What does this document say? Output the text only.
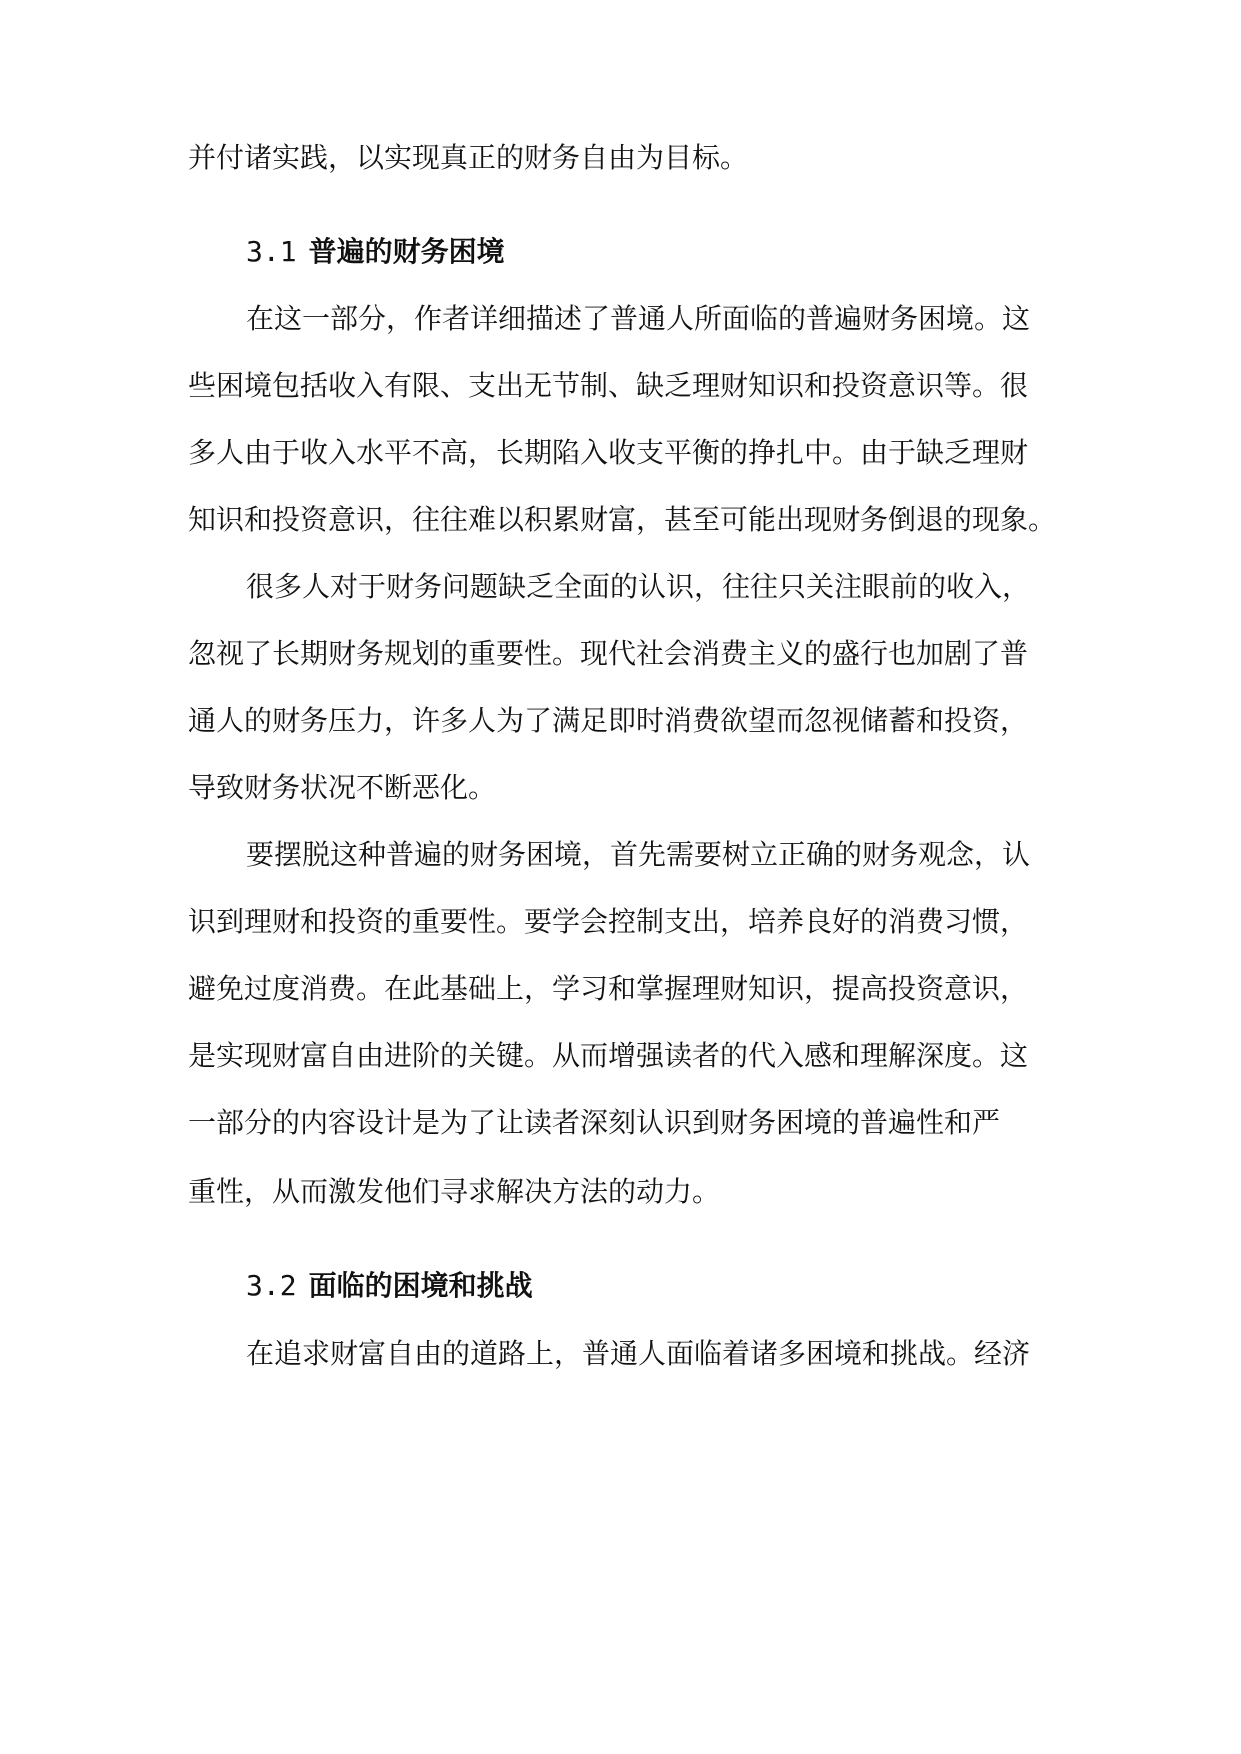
并付诸实践，以实现真正的财务自由为目标。
3.1 普遍的财务困境
在这一部分，作者详细描述了普通人所面临的普遍财务困境。这
些困境包括收入有限、支出无节制、缺乏理财知识和投资意识等。很
多人由于收入水平不高，长期陷入收支平衡的挣扎中。由于缺乏理财
知识和投资意识，往往难以积累财富，甚至可能出现财务倒退的现象。
很多人对于财务问题缺乏全面的认识，往往只关注眼前的收入，
忽视了长期财务规划的重要性。现代社会消费主义的盛行也加剧了普
通人的财务压力，许多人为了满足即时消费欲望而忽视储蓄和投资，
导致财务状况不断恶化。
要摆脱这种普遍的财务困境，首先需要树立正确的财务观念，认
识到理财和投资的重要性。要学会控制支出，培养良好的消费习惯，
避免过度消费。在此基础上，学习和掌握理财知识，提高投资意识，
是实现财富自由进阶的关键。从而增强读者的代入感和理解深度。这
一部分的内容设计是为了让读者深刻认识到财务困境的普遍性和严
重性，从而激发他们寻求解决方法的动力。
3.2 面临的困境和挑战
在追求财富自由的道路上，普通人面临着诸多困境和挑战。经济
